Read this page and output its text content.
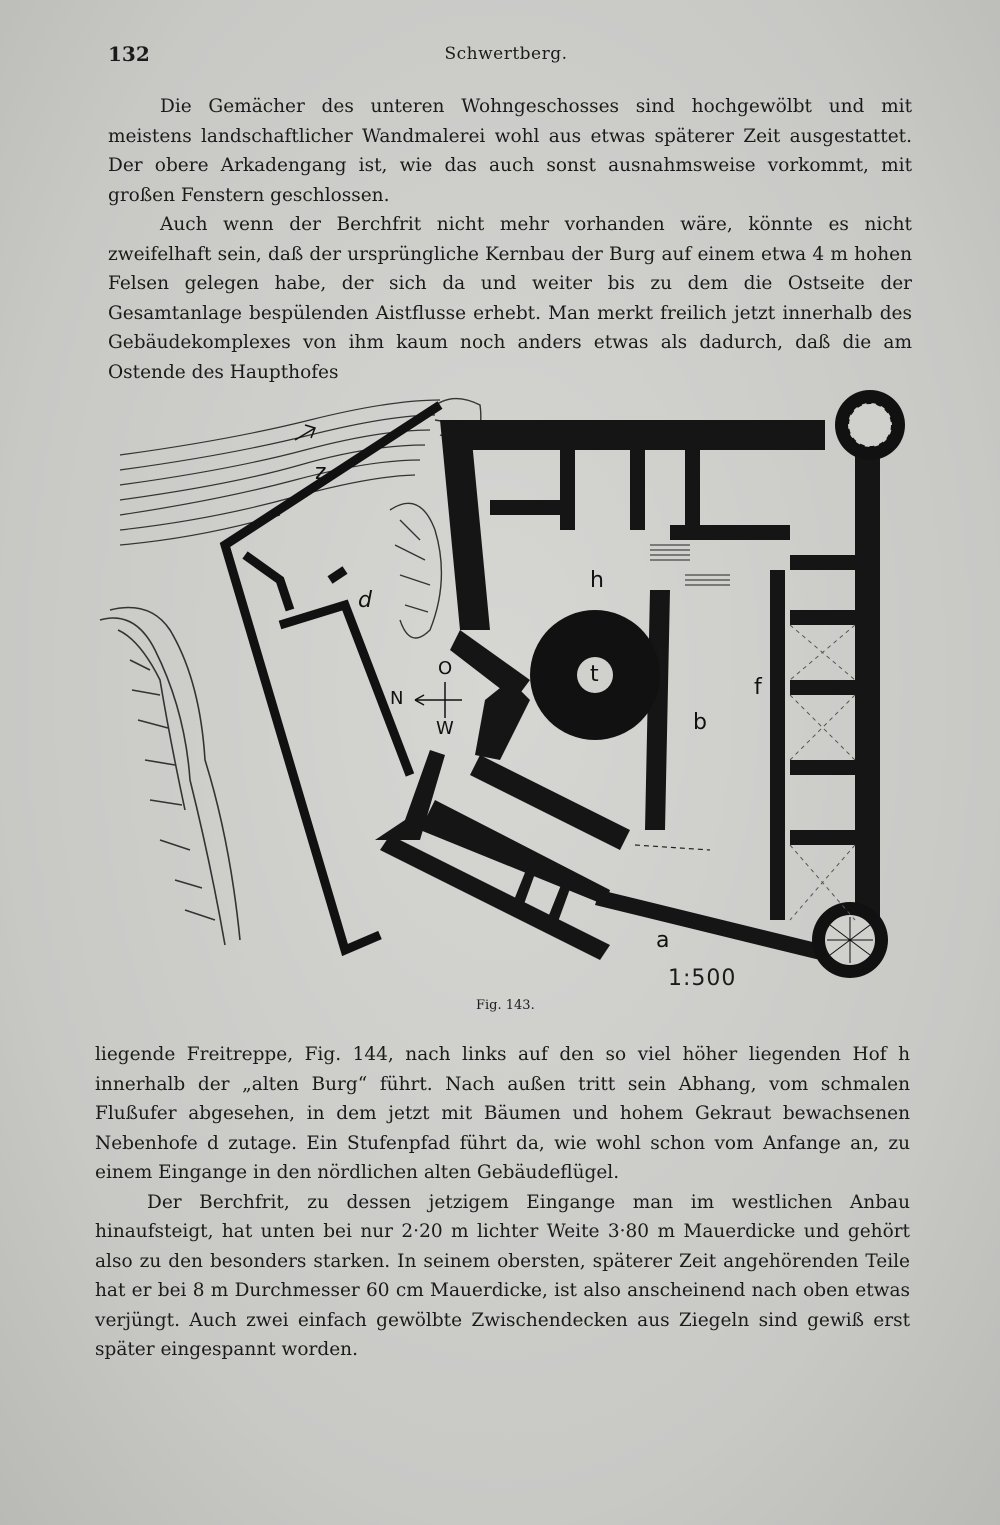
132	Schwertberg.

Die Gemächer des unteren Wohngeschosses sind hochgewölbt und mit meistens landschaftlicher Wandmalerei wohl aus etwas späterer Zeit ausgestattet. Der obere Arkadengang ist, wie das auch sonst ausnahmsweise vorkommt, mit großen Fenstern geschlossen.

Auch wenn der Berchfrit nicht mehr vorhanden wäre, könnte es nicht zweifelhaft sein, daß der ursprüngliche Kernbau der Burg auf einem etwa 4 m hohen Felsen gelegen habe, der sich da und weiter bis zu dem die Ostseite der Gesamtanlage bespülenden Aistflusse erhebt. Man merkt freilich jetzt innerhalb des Gebäudekomplexes von ihm kaum noch anders etwas als dadurch, daß die am Ostende des Haupthofes

z
d
h
t
b
f
a
N
O
W
1:500
Fig. 143.

liegende Freitreppe, Fig. 144, nach links auf den so viel höher liegenden Hof h innerhalb der „alten Burg“ führt. Nach außen tritt sein Abhang, vom schmalen Flußufer abgesehen, in dem jetzt mit Bäumen und hohem Gekraut bewachsenen Nebenhofe d zutage. Ein Stufenpfad führt da, wie wohl schon vom Anfange an, zu einem Eingange in den nördlichen alten Gebäudeflügel.

Der Berchfrit, zu dessen jetzigem Eingange man im westlichen Anbau hinaufsteigt, hat unten bei nur 2·20 m lichter Weite 3·80 m Mauerdicke und gehört also zu den besonders starken. In seinem obersten, späterer Zeit angehörenden Teile hat er bei 8 m Durchmesser 60 cm Mauerdicke, ist also anscheinend nach oben etwas verjüngt. Auch zwei einfach gewölbte Zwischendecken aus Ziegeln sind gewiß erst später eingespannt worden.
